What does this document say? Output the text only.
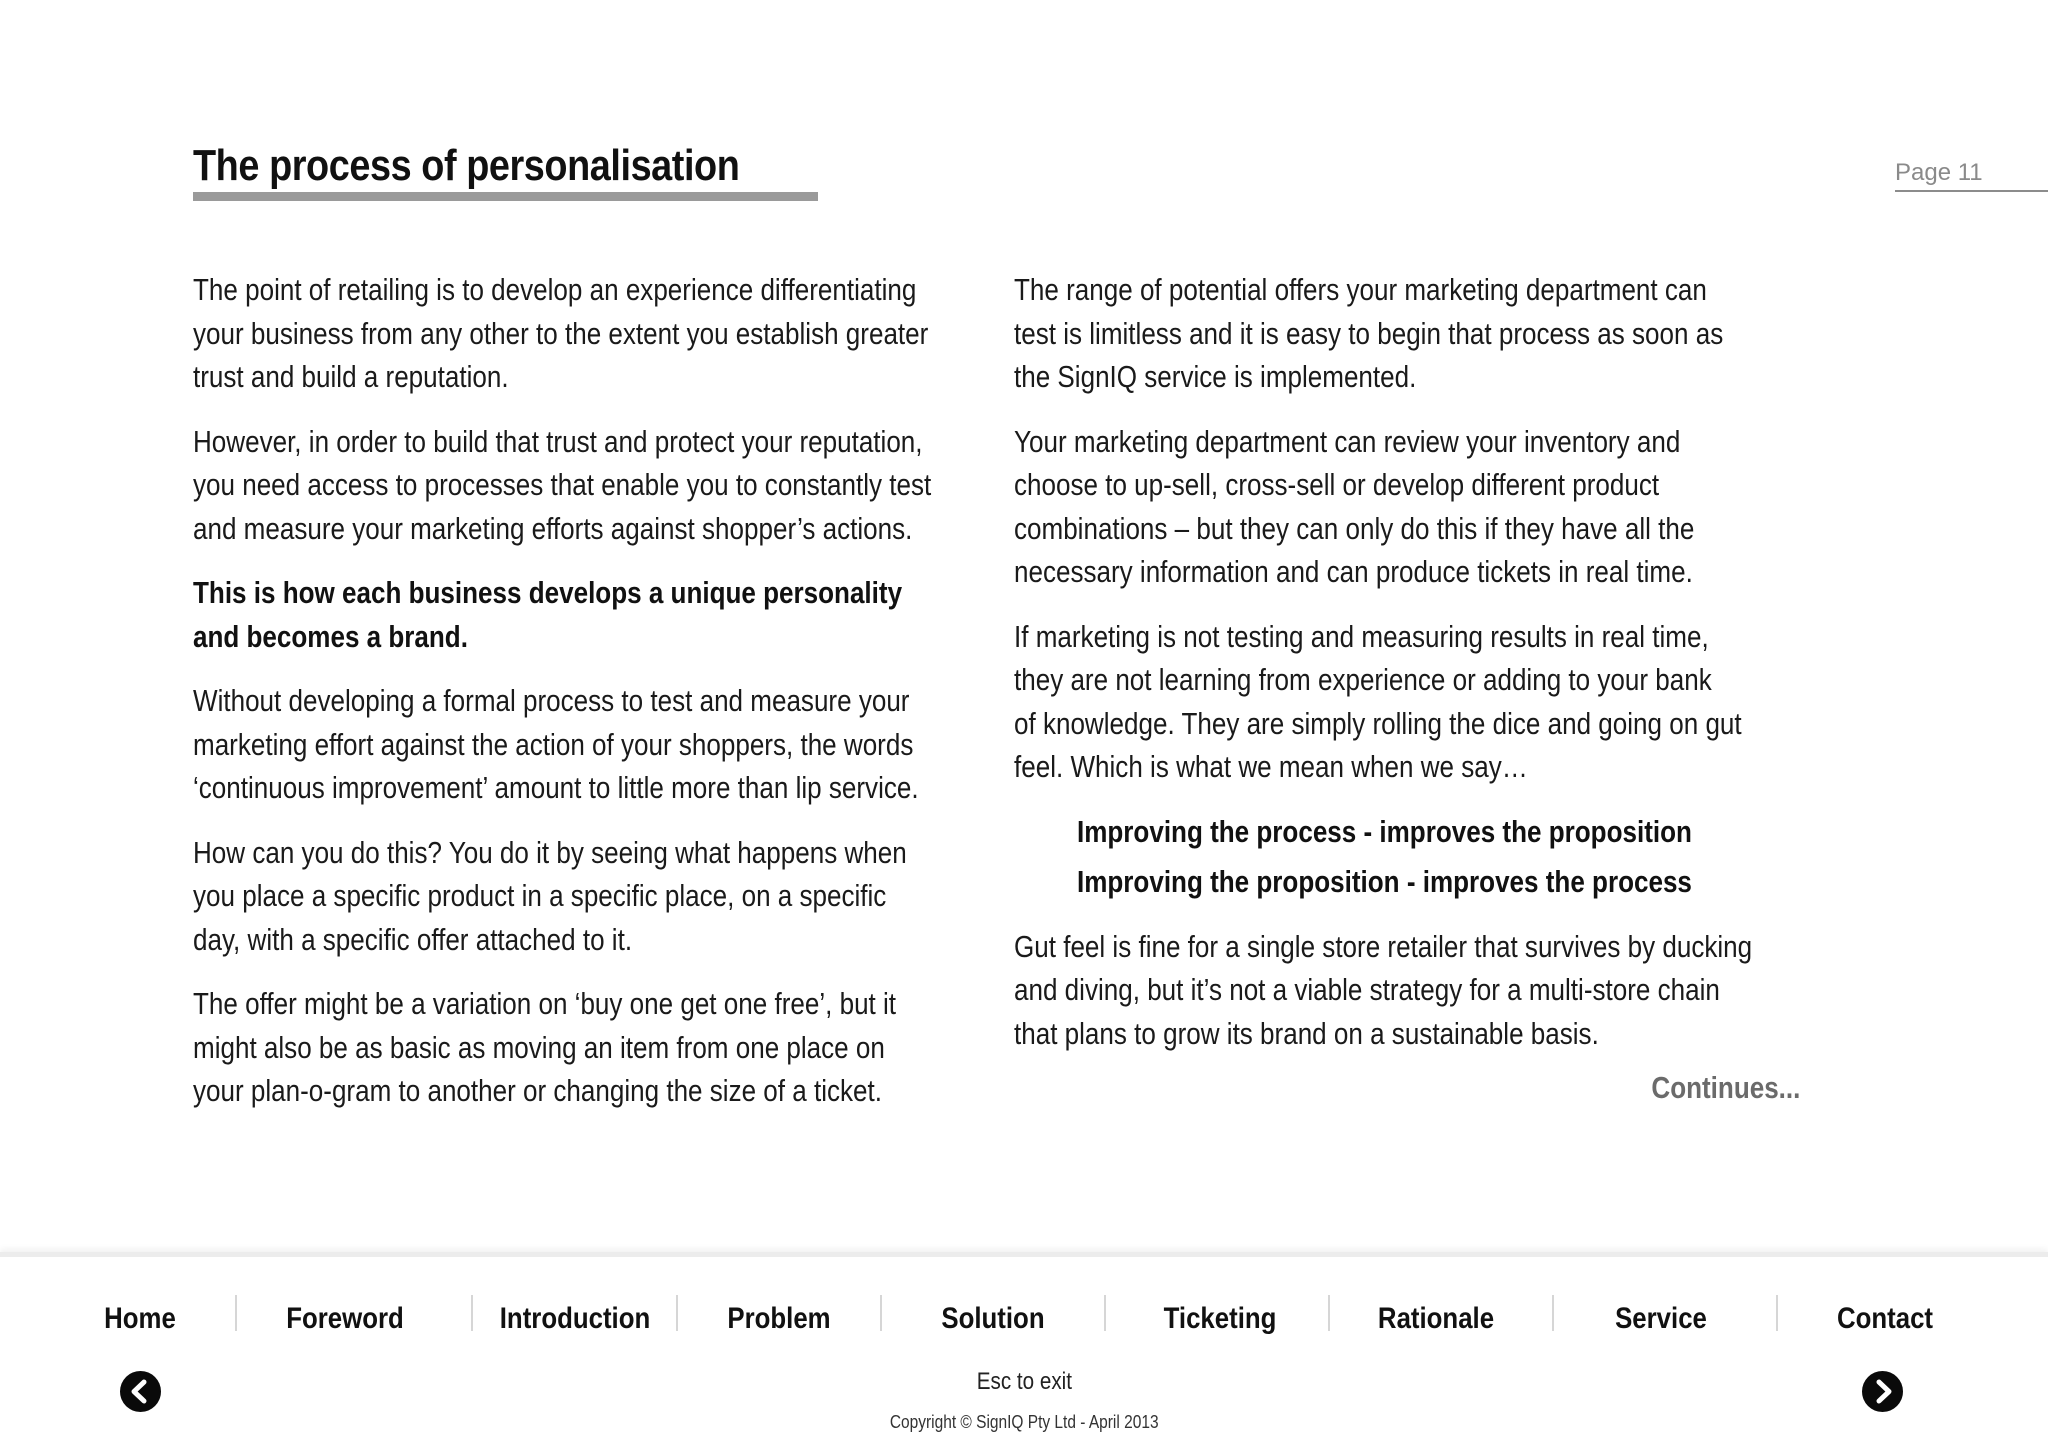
The process of personalisation	Page 11

The point of retailing is to develop an experience differentiating
your business from any other to the extent you establish greater
trust and build a reputation.

However, in order to build that trust and protect your reputation,
you need access to processes that enable you to constantly test
and measure your marketing efforts against shopper’s actions.

This is how each business develops a unique personality
and becomes a brand.

Without developing a formal process to test and measure your
marketing effort against the action of your shoppers, the words
‘continuous improvement’ amount to little more than lip service.

How can you do this? You do it by seeing what happens when
you place a specific product in a specific place, on a specific
day, with a specific offer attached to it.

The offer might be a variation on ‘buy one get one free’, but it
might also be as basic as moving an item from one place on
your plan-o-gram to another or changing the size of a ticket.

The range of potential offers your marketing department can
test is limitless and it is easy to begin that process as soon as
the SignIQ service is implemented.

Your marketing department can review your inventory and
choose to up-sell, cross-sell or develop different product
combinations – but they can only do this if they have all the
necessary information and can produce tickets in real time.

If marketing is not testing and measuring results in real time,
they are not learning from experience or adding to your bank
of knowledge. They are simply rolling the dice and going on gut
feel. Which is what we mean when we say…

Improving the process - improves the proposition

Improving the proposition - improves the process

Gut feel is fine for a single store retailer that survives by ducking
and diving, but it’s not a viable strategy for a multi-store chain
that plans to grow its brand on a sustainable basis.

Continues...
Home	Foreword	Introduction	Problem	Solution	Ticketing	Rationale	Service	Contact
Esc to exit
Copyright © SignIQ Pty Ltd - April 2013
